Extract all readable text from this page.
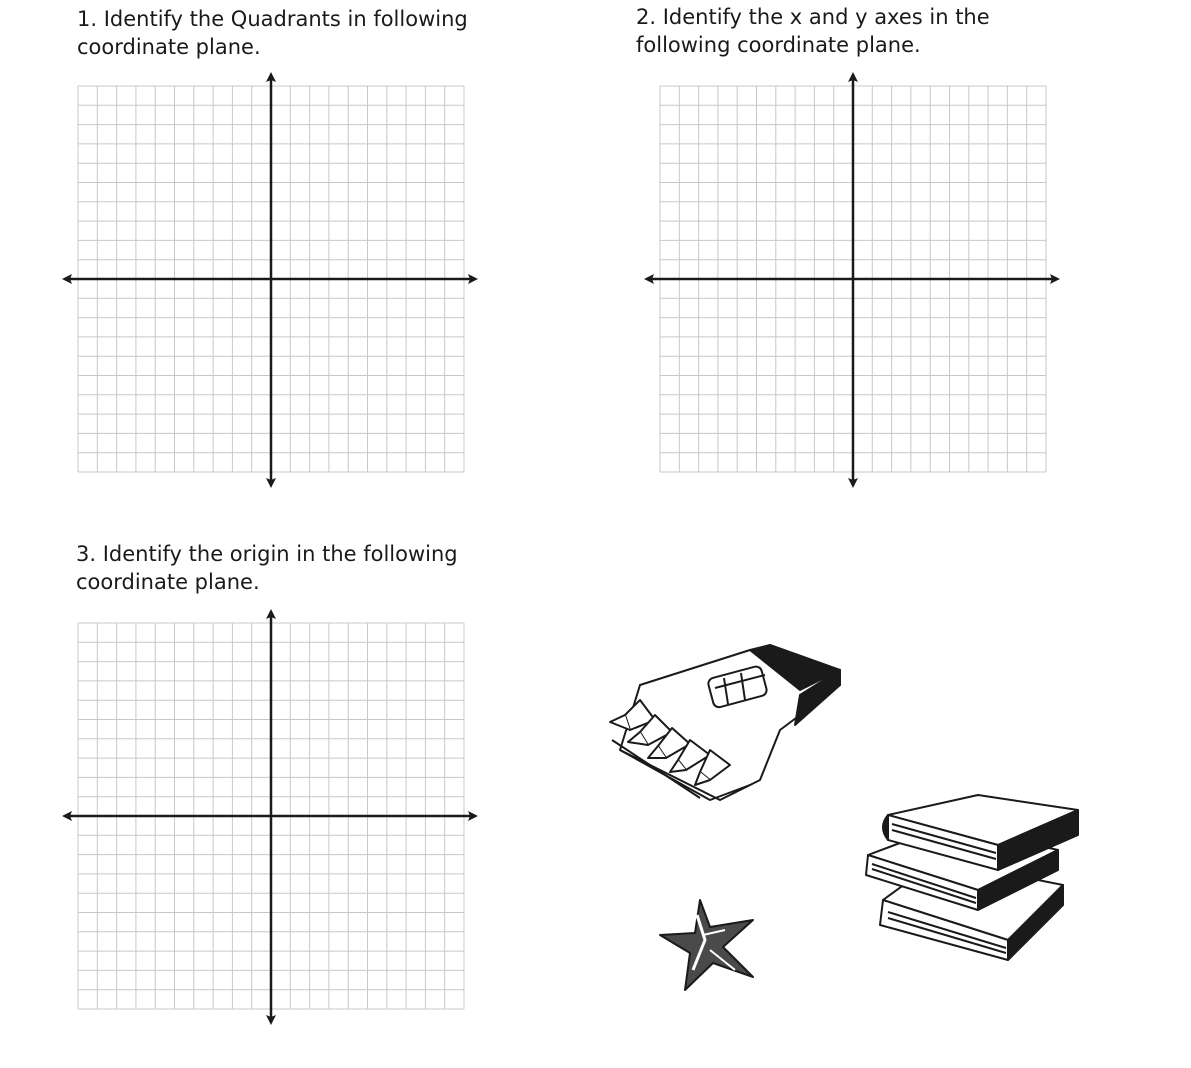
1. Identify the Quadrants in following
coordinate plane.
2. Identify the x and y axes in the
following coordinate plane.
3. Identify the origin in the following
coordinate plane.
